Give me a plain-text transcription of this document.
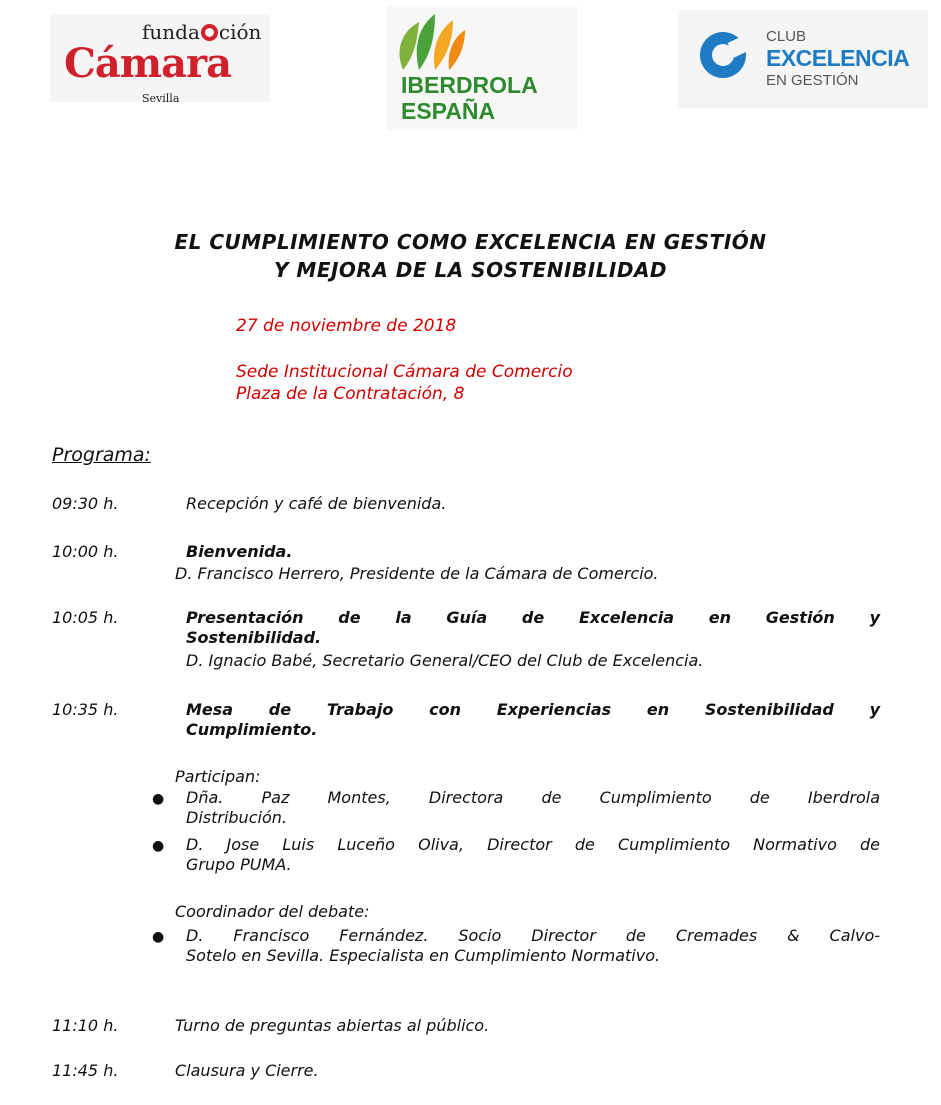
funda ción
Cámara
Sevilla
IBERDROLA
ESPAÑA
CLUB
EXCELENCIA
EN GESTIÓN
EL CUMPLIMIENTO COMO EXCELENCIA EN GESTIÓN
Y MEJORA DE LA SOSTENIBILIDAD
27 de noviembre de 2018
Sede Institucional Cámara de Comercio
Plaza de la Contratación, 8
Programa:
09:30 h.	Recepción y café de bienvenida.
10:00 h.	Bienvenida.
D. Francisco Herrero, Presidente de la Cámara de Comercio.
10:05 h.	Presentación de la Guía de Excelencia en Gestión y
Sostenibilidad.
D. Ignacio Babé, Secretario General/CEO del Club de Excelencia.
10:35 h.	Mesa de Trabajo con Experiencias en Sostenibilidad y
Cumplimiento.
Participan:
● Dña. Paz Montes, Directora de Cumplimiento de Iberdrola
Distribución.
● D. Jose Luis Luceño Oliva, Director de Cumplimiento Normativo de
Grupo PUMA.
Coordinador del debate:
● D. Francisco Fernández. Socio Director de Cremades & Calvo-
Sotelo en Sevilla. Especialista en Cumplimiento Normativo.
11:10 h.	Turno de preguntas abiertas al público.
11:45 h.	Clausura y Cierre.
